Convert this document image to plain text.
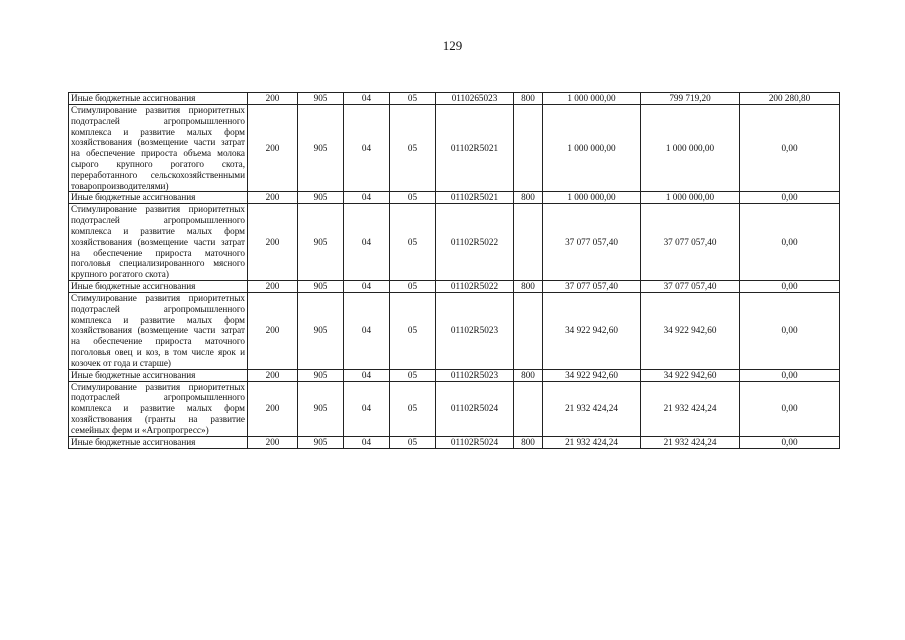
129
Иные бюджетные ассигнования	200	905	04	05	0110265023	800	1 000 000,00	799 719,20	200 280,80
Стимулирование развития приоритетных подотраслей агропромышленного комплекса и развитие малых форм хозяйствования (возмещение части затрат на обеспечение прироста объема молока сырого крупного рогатого скота, переработанного сельскохозяйственными товаропроизводителями)	200	905	04	05	01102R5021		1 000 000,00	1 000 000,00	0,00
Иные бюджетные ассигнования	200	905	04	05	01102R5021	800	1 000 000,00	1 000 000,00	0,00
Стимулирование развития приоритетных подотраслей агропромышленного комплекса и развитие малых форм хозяйствования (возмещение части затрат на обеспечение прироста маточного поголовья специализированного мясного крупного рогатого скота)	200	905	04	05	01102R5022		37 077 057,40	37 077 057,40	0,00
Иные бюджетные ассигнования	200	905	04	05	01102R5022	800	37 077 057,40	37 077 057,40	0,00
Стимулирование развития приоритетных подотраслей агропромышленного комплекса и развитие малых форм хозяйствования (возмещение части затрат на обеспечение прироста маточного поголовья овец и коз, в том числе ярок и козочек от года и старше)	200	905	04	05	01102R5023		34 922 942,60	34 922 942,60	0,00
Иные бюджетные ассигнования	200	905	04	05	01102R5023	800	34 922 942,60	34 922 942,60	0,00
Стимулирование развития приоритетных подотраслей агропромышленного комплекса и развитие малых форм хозяйствования (гранты на развитие семейных ферм и «Агропрогресс»)	200	905	04	05	01102R5024		21 932 424,24	21 932 424,24	0,00
Иные бюджетные ассигнования	200	905	04	05	01102R5024	800	21 932 424,24	21 932 424,24	0,00
